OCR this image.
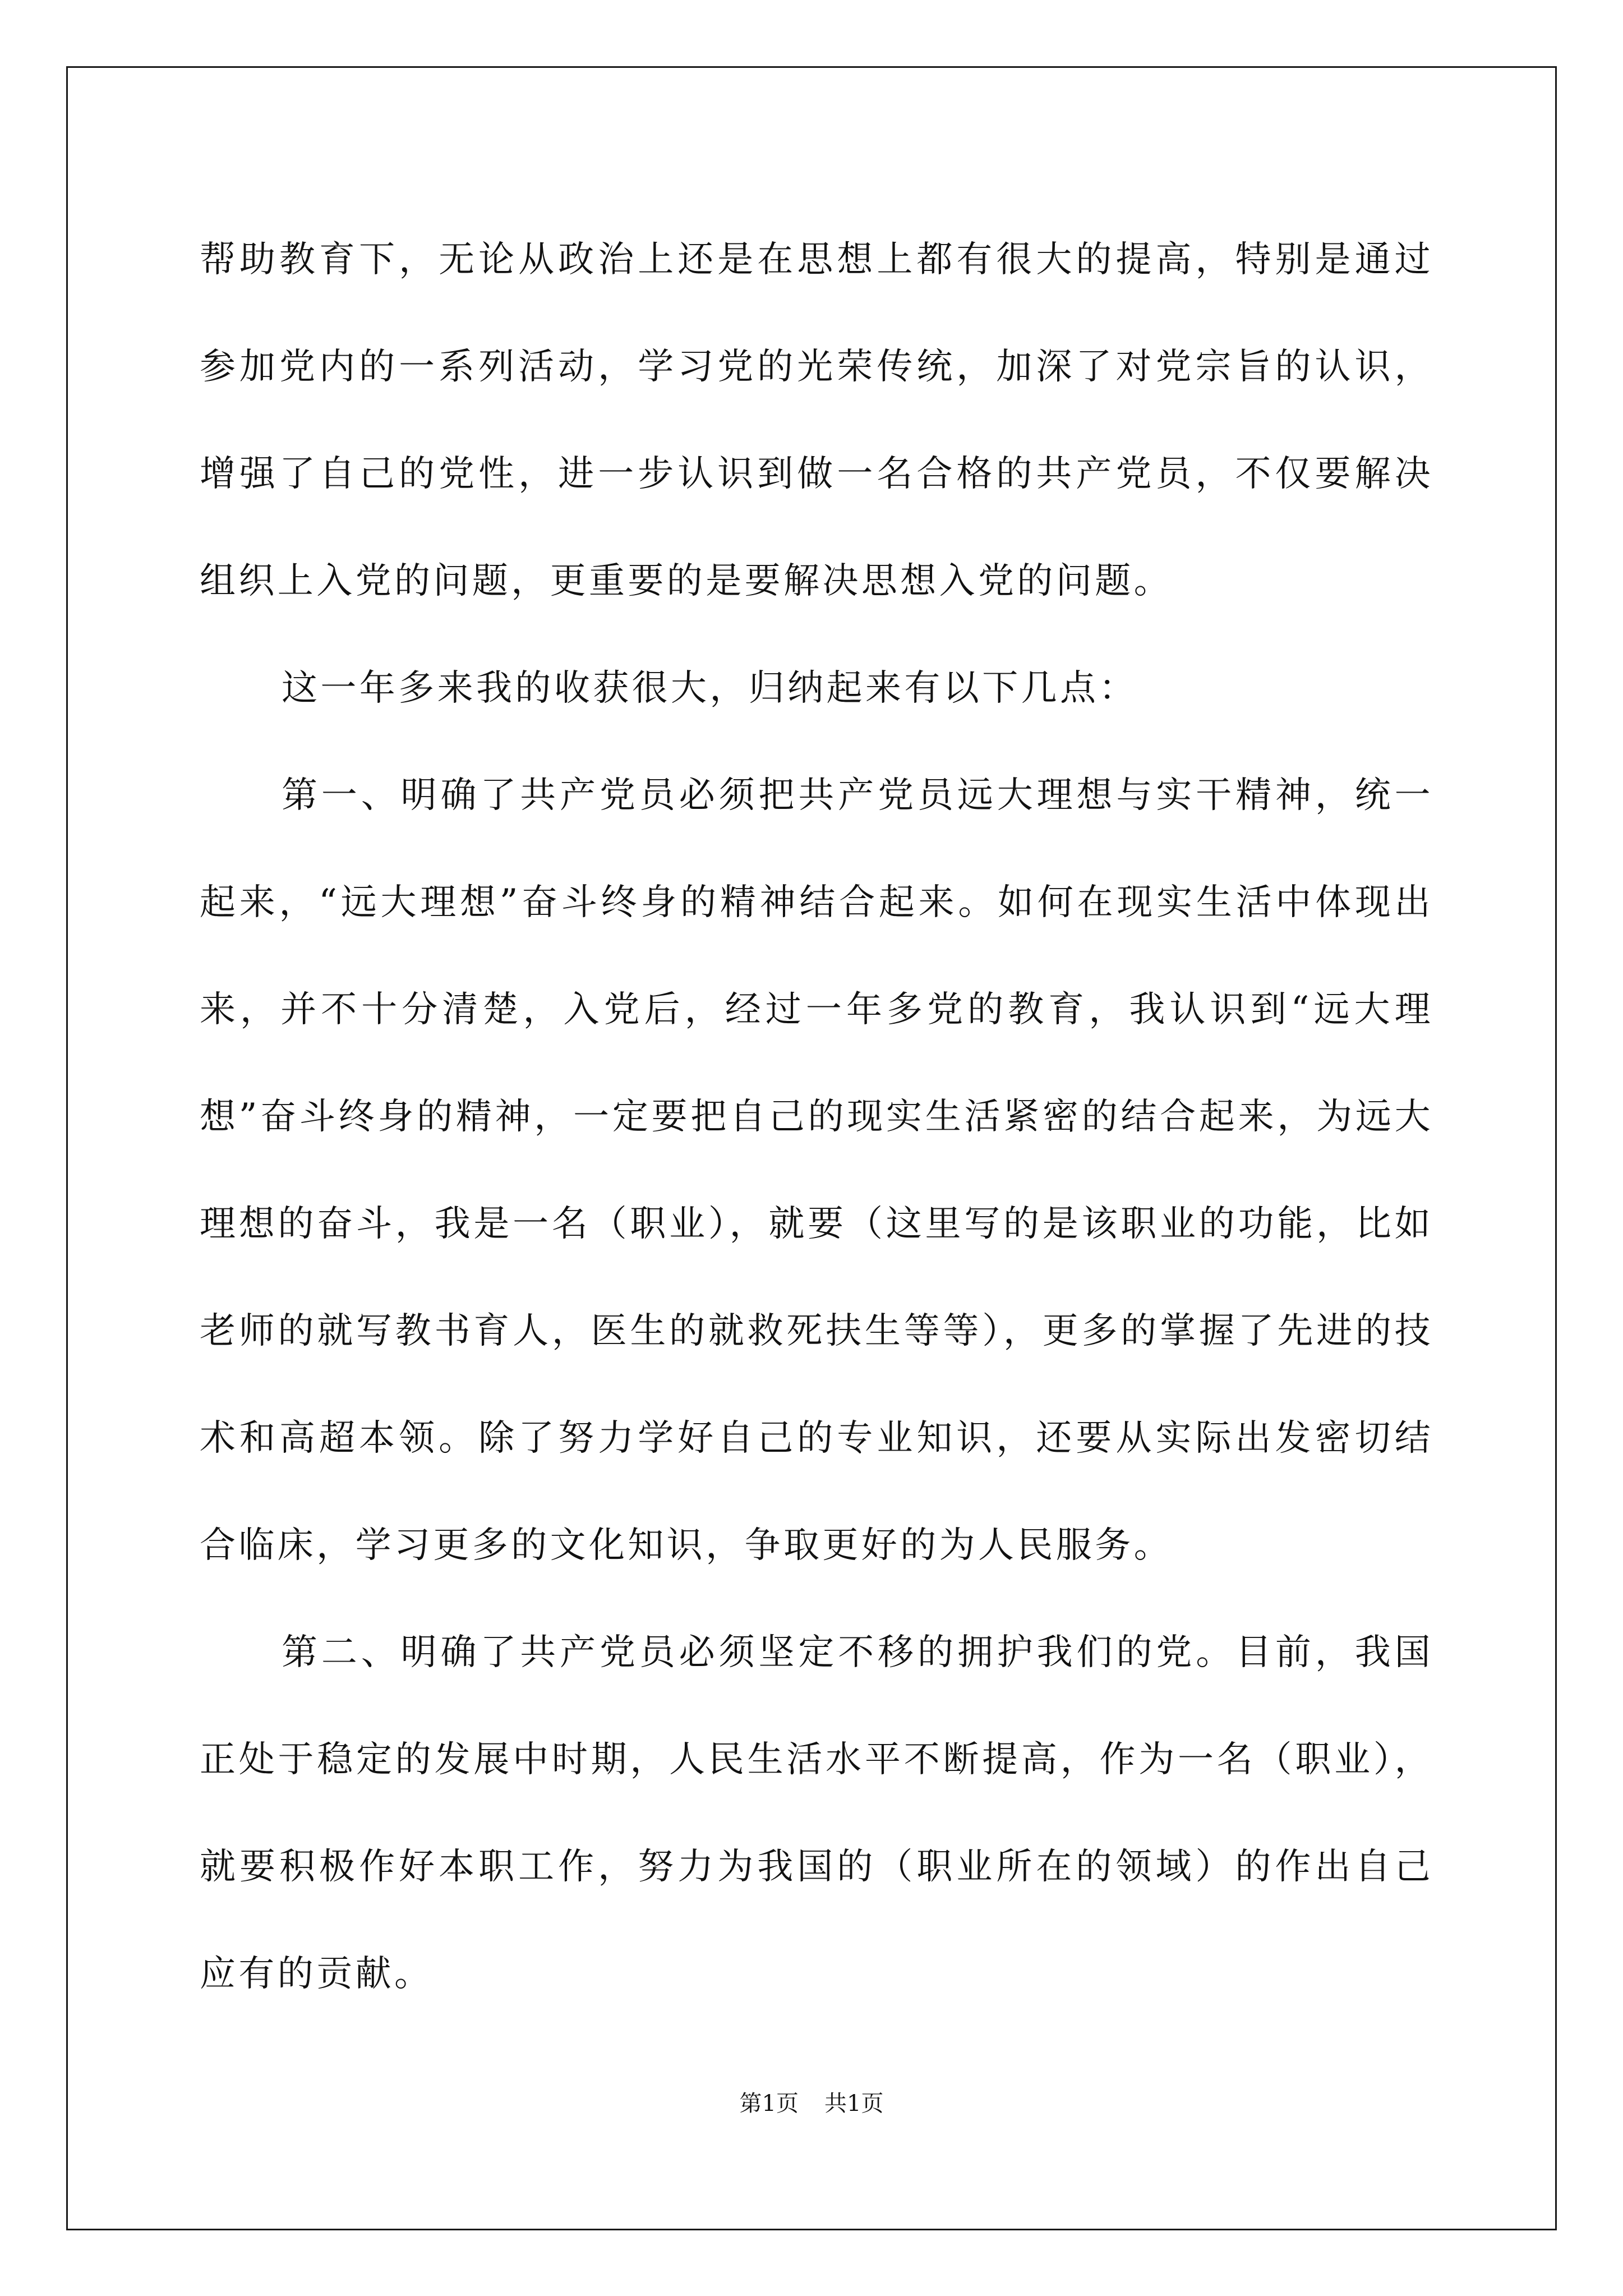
帮助教育下，无论从政治上还是在思想上都有很大的提高，特别是通过参加党内的一系列活动，学习党的光荣传统，加深了对党宗旨的认识，增强了自己的党性，进一步认识到做一名合格的共产党员，不仅要解决组织上入党的问题，更重要的是要解决思想入党的问题。

这一年多来我的收获很大，归纳起来有以下几点：

第一、明确了共产党员必须把共产党员远大理想与实干精神，统一起来，“远大理想”奋斗终身的精神结合起来。如何在现实生活中体现出来，并不十分清楚，入党后，经过一年多党的教育，我认识到“远大理想”奋斗终身的精神，一定要把自己的现实生活紧密的结合起来，为远大理想的奋斗，我是一名（职业），就要（这里写的是该职业的功能，比如老师的就写教书育人，医生的就救死扶生等等），更多的掌握了先进的技术和高超本领。除了努力学好自己的专业知识，还要从实际出发密切结合临床，学习更多的文化知识，争取更好的为人民服务。

第二、明确了共产党员必须坚定不移的拥护我们的党。目前，我国正处于稳定的发展中时期，人民生活水平不断提高，作为一名（职业），就要积极作好本职工作，努力为我国的（职业所在的领域）的作出自己应有的贡献。

第1页 共1页
